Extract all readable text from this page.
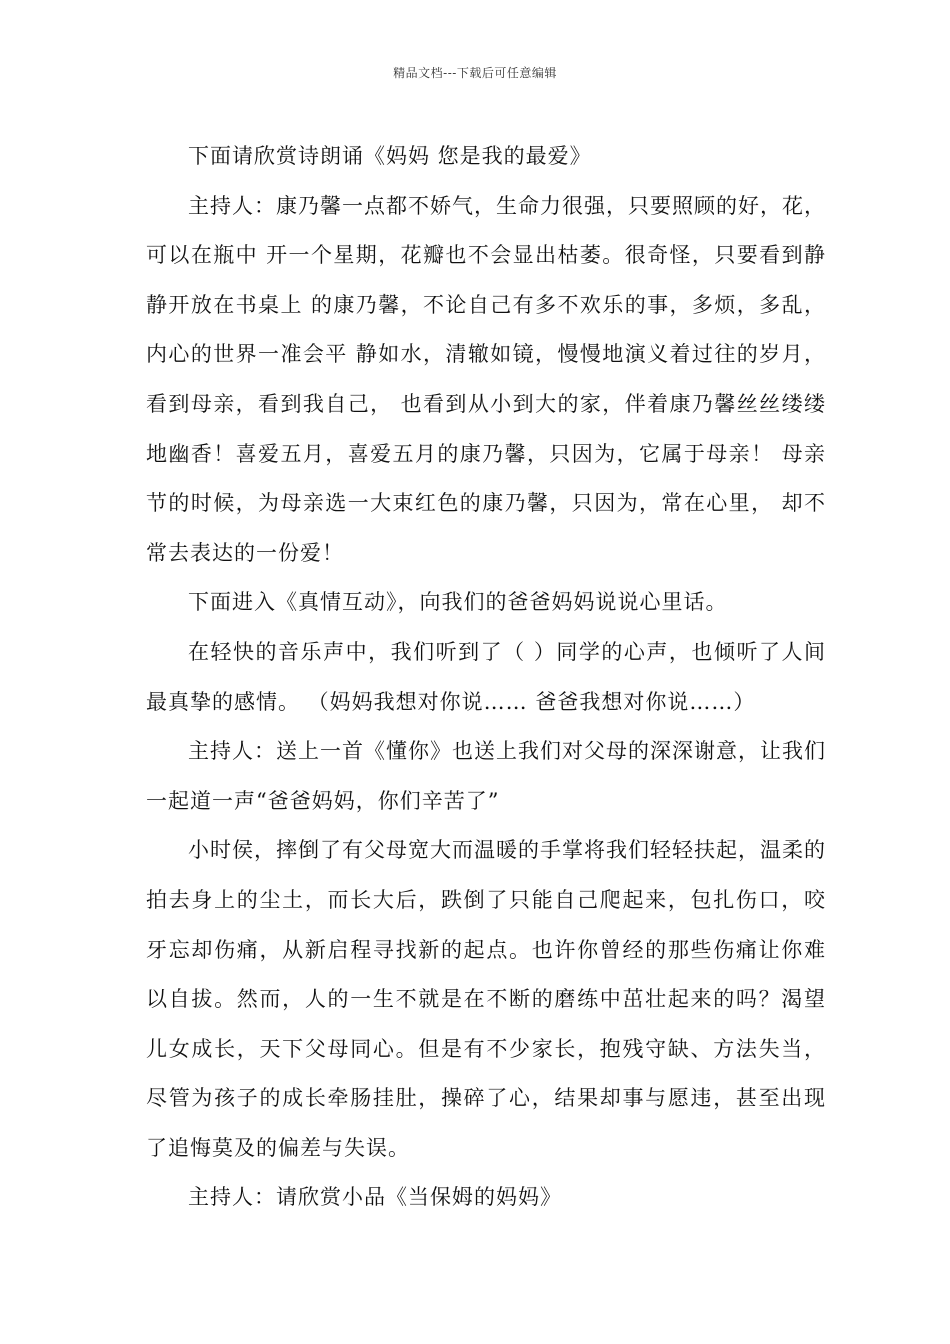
精品文档---下载后可任意编辑

下面请欣赏诗朗诵《妈妈 您是我的最爱》

主持人：康乃馨一点都不娇气，生命力很强，只要照顾的好，花，可以在瓶中 开一个星期，花瓣也不会显出枯萎。很奇怪，只要看到静静开放在书桌上 的康乃馨，不论自己有多不欢乐的事，多烦，多乱，内心的世界一准会平 静如水，清辙如镜，慢慢地演义着过往的岁月，看到母亲，看到我自己， 也看到从小到大的家，伴着康乃馨丝丝缕缕地幽香！喜爱五月，喜爱五月的康乃馨，只因为，它属于母亲！ 母亲节的时候，为母亲选一大束红色的康乃馨，只因为，常在心里， 却不常去表达的一份爱！

下面进入《真情互动》，向我们的爸爸妈妈说说心里话。

在轻快的音乐声中，我们听到了（ ）同学的心声，也倾听了人间最真挚的感情。 （妈妈我想对你说…… 爸爸我想对你说……）

主持人：送上一首《懂你》也送上我们对父母的深深谢意，让我们一起道一声“爸爸妈妈，你们辛苦了”

小时侯，摔倒了有父母宽大而温暖的手掌将我们轻轻扶起，温柔的拍去身上的尘土，而长大后，跌倒了只能自己爬起来，包扎伤口，咬牙忘却伤痛，从新启程寻找新的起点。也许你曾经的那些伤痛让你难以自拔。然而，人的一生不就是在不断的磨练中茁壮起来的吗？渴望儿女成长，天下父母同心。但是有不少家长，抱残守缺、方法失当，尽管为孩子的成长牵肠挂肚，操碎了心，结果却事与愿违，甚至出现了追悔莫及的偏差与失误。

主持人：请欣赏小品《当保姆的妈妈》
